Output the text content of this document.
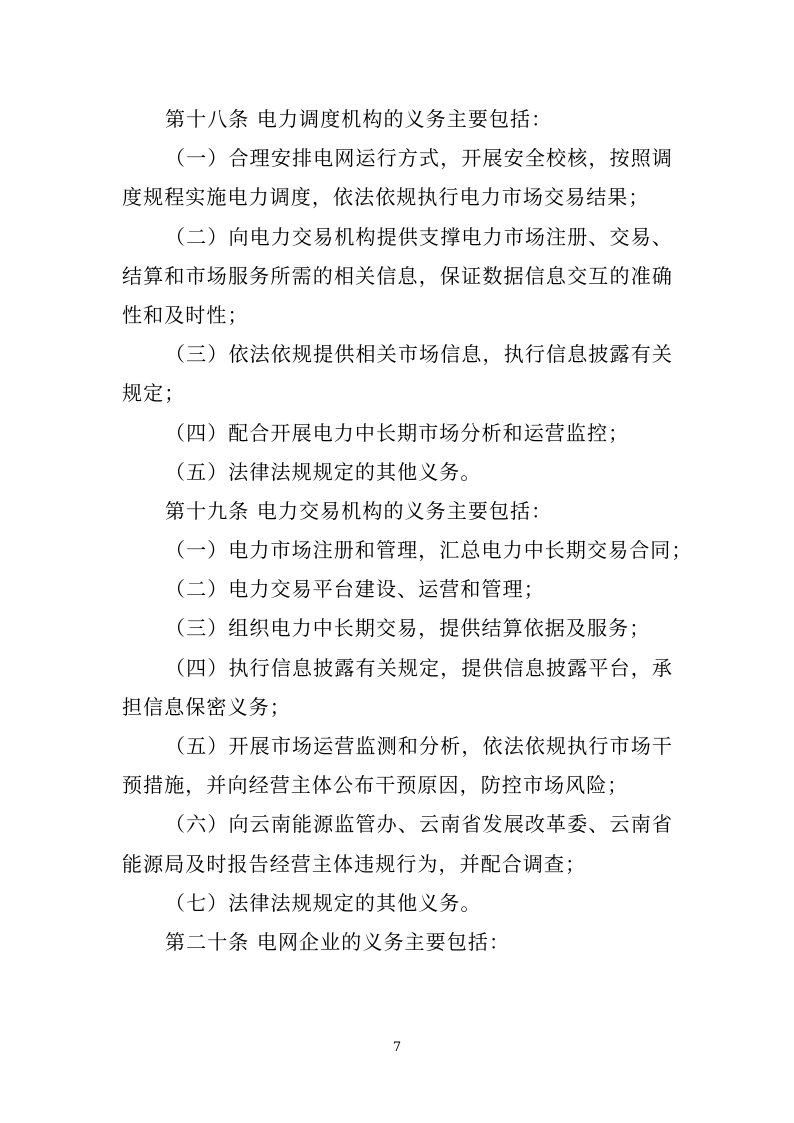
第十八条 电力调度机构的义务主要包括：
（一）合理安排电网运行方式，开展安全校核，按照调
度规程实施电力调度，依法依规执行电力市场交易结果；
（二）向电力交易机构提供支撑电力市场注册、交易、
结算和市场服务所需的相关信息，保证数据信息交互的准确
性和及时性；
（三）依法依规提供相关市场信息，执行信息披露有关
规定；
（四）配合开展电力中长期市场分析和运营监控；
（五）法律法规规定的其他义务。
第十九条 电力交易机构的义务主要包括：
（一）电力市场注册和管理，汇总电力中长期交易合同；
（二）电力交易平台建设、运营和管理；
（三）组织电力中长期交易，提供结算依据及服务；
（四）执行信息披露有关规定，提供信息披露平台，承
担信息保密义务；
（五）开展市场运营监测和分析，依法依规执行市场干
预措施，并向经营主体公布干预原因，防控市场风险；
（六）向云南能源监管办、云南省发展改革委、云南省
能源局及时报告经营主体违规行为，并配合调查；
（七）法律法规规定的其他义务。
第二十条 电网企业的义务主要包括：
7
